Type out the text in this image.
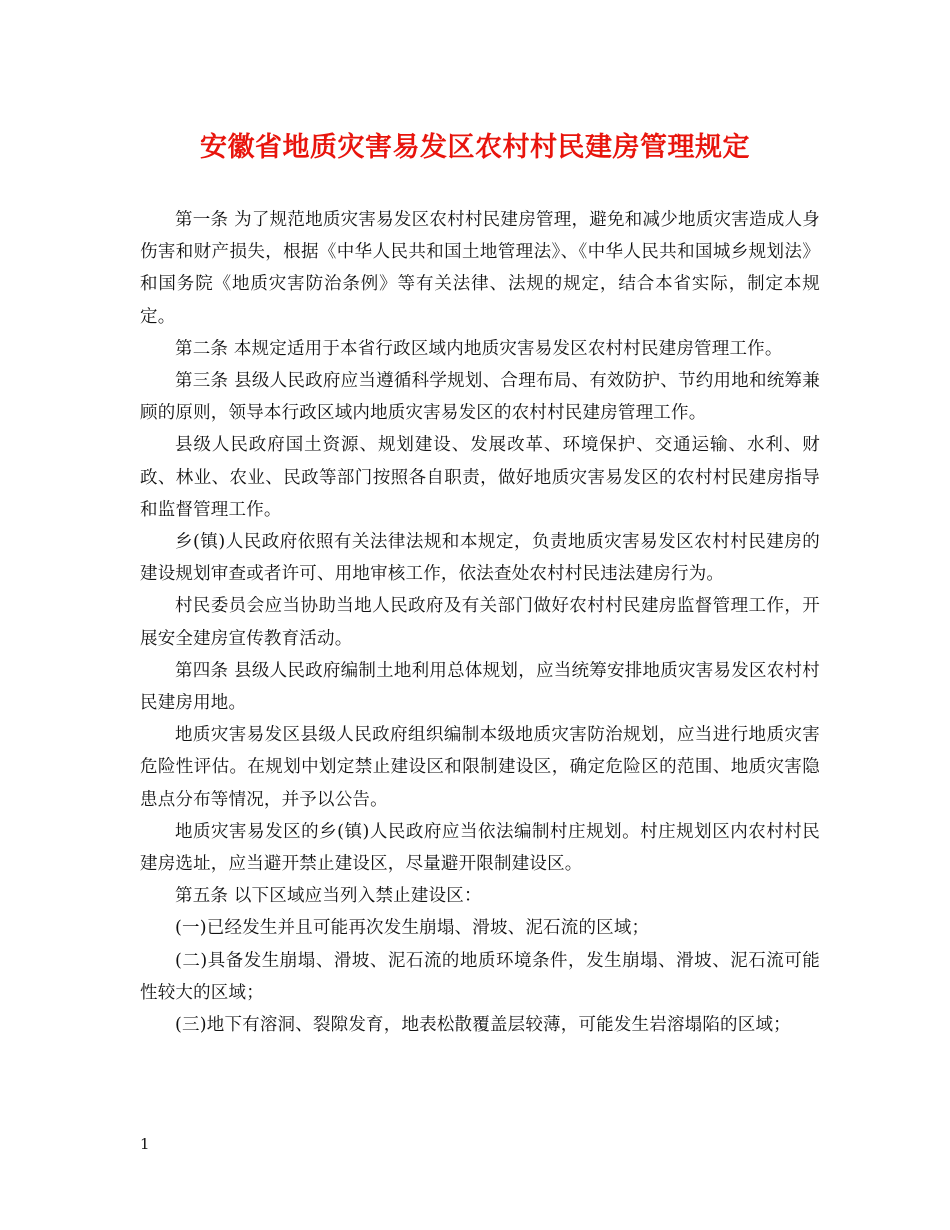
安徽省地质灾害易发区农村村民建房管理规定

第一条 为了规范地质灾害易发区农村村民建房管理，避免和减少地质灾害造成人身伤害和财产损失，根据《中华人民共和国土地管理法》、《中华人民共和国城乡规划法》和国务院《地质灾害防治条例》等有关法律、法规的规定，结合本省实际，制定本规定。

第二条 本规定适用于本省行政区域内地质灾害易发区农村村民建房管理工作。

第三条 县级人民政府应当遵循科学规划、合理布局、有效防护、节约用地和统筹兼顾的原则，领导本行政区域内地质灾害易发区的农村村民建房管理工作。

县级人民政府国土资源、规划建设、发展改革、环境保护、交通运输、水利、财政、林业、农业、民政等部门按照各自职责，做好地质灾害易发区的农村村民建房指导和监督管理工作。

乡(镇)人民政府依照有关法律法规和本规定，负责地质灾害易发区农村村民建房的建设规划审查或者许可、用地审核工作，依法查处农村村民违法建房行为。

村民委员会应当协助当地人民政府及有关部门做好农村村民建房监督管理工作，开展安全建房宣传教育活动。

第四条 县级人民政府编制土地利用总体规划，应当统筹安排地质灾害易发区农村村民建房用地。

地质灾害易发区县级人民政府组织编制本级地质灾害防治规划，应当进行地质灾害危险性评估。在规划中划定禁止建设区和限制建设区，确定危险区的范围、地质灾害隐患点分布等情况，并予以公告。

地质灾害易发区的乡(镇)人民政府应当依法编制村庄规划。村庄规划区内农村村民建房选址，应当避开禁止建设区，尽量避开限制建设区。

第五条 以下区域应当列入禁止建设区：

(一)已经发生并且可能再次发生崩塌、滑坡、泥石流的区域；

(二)具备发生崩塌、滑坡、泥石流的地质环境条件，发生崩塌、滑坡、泥石流可能性较大的区域；

(三)地下有溶洞、裂隙发育，地表松散覆盖层较薄，可能发生岩溶塌陷的区域；

1
